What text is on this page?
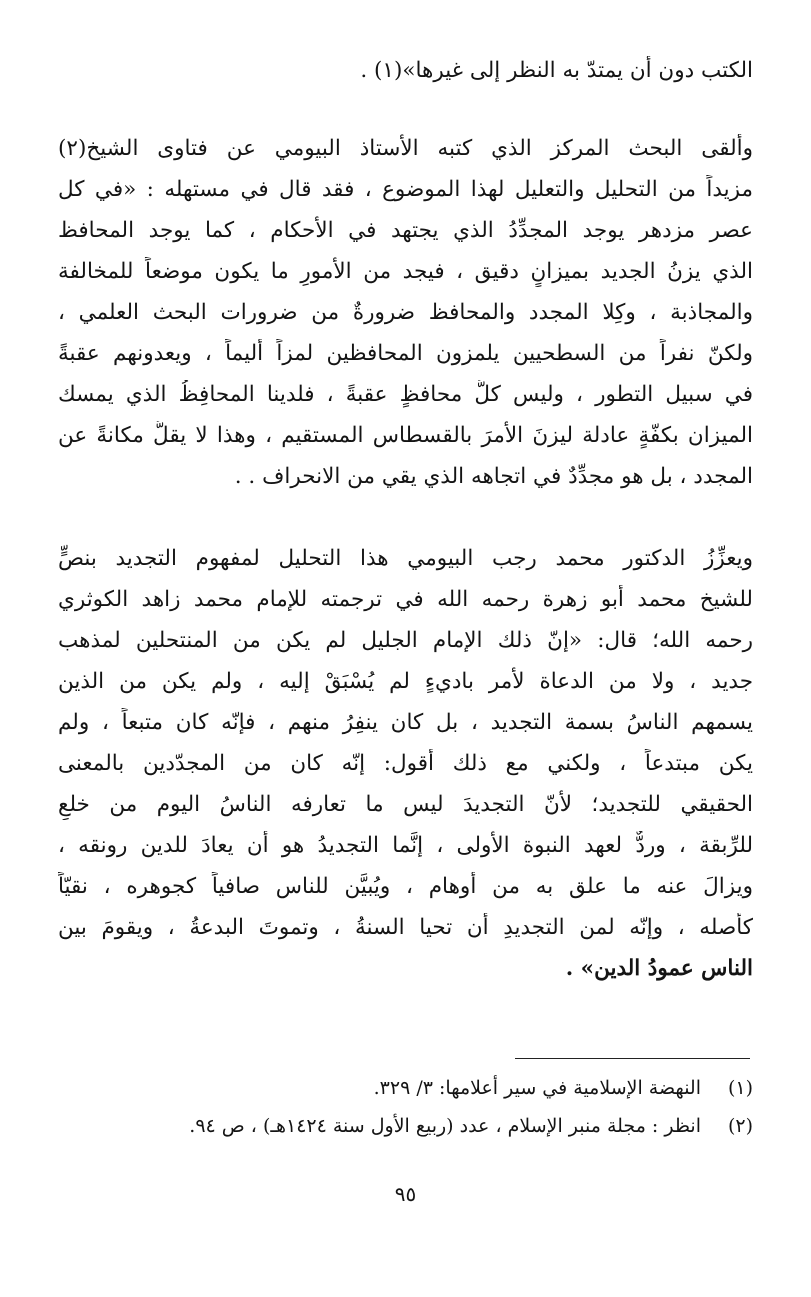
الكتب دون أن يمتدّ به النظر إلى غيرها»(١) .
وألقى البحث المركز الذي كتبه الأستاذ البيومي عن فتاوى الشيخ(٢)
مزيداً من التحليل والتعليل لهذا الموضوع ، فقد قال في مستهله : «في كل
عصر مزدهر يوجد المجدِّدُ الذي يجتهد في الأحكام ، كما يوجد المحافظ
الذي يزنُ الجديد بميزانٍ دقيق ، فيجد من الأمورِ ما يكون موضعاً للمخالفة
والمجاذبة ، وكِلا المجدد والمحافظ ضرورةٌ من ضرورات البحث العلمي ،
ولكنّ نفراً من السطحيين يلمزون المحافظين لمزاً أليماً ، ويعدونهم عقبةً
في سبيل التطور ، وليس كلُّ محافظٍ عقبةً ، فلدينا المحافِظُ الذي يمسك
الميزان بكفّةٍ عادلة ليزنَ الأمرَ بالقسطاس المستقيم ، وهذا لا يقلُّ مكانةً عن
المجدد ، بل هو مجدِّدٌ في اتجاهه الذي يقي من الانحراف . .
ويعزِّزُ الدكتور محمد رجب البيومي هذا التحليل لمفهوم التجديد بنصٍّ
للشيخ محمد أبو زهرة رحمه الله في ترجمته للإمام محمد زاهد الكوثري
رحمه الله؛ قال: «إنّ ذلك الإمام الجليل لم يكن من المنتحلين لمذهب
جديد ، ولا من الدعاة لأمر باديءٍ لم يُسْبَقْ إليه ، ولم يكن من الذين
يسمهم الناسُ بسمة التجديد ، بل كان ينفِرُ منهم ، فإنّه كان متبعاً ، ولم
يكن مبتدعاً ، ولكني مع ذلك أقول: إنّه كان من المجدّدين بالمعنى
الحقيقي للتجديد؛ لأنّ التجديدَ ليس ما تعارفه الناسُ اليوم من خلعِ
للرِّبقة ، وردٌّ لعهد النبوة الأولى ، إنَّما التجديدُ هو أن يعادَ للدين رونقه ،
ويزالَ عنه ما علق به من أوهام ، ويُبيَّن للناس صافياً كجوهره ، نقيّاً
كأصله ، وإنّه لمن التجديدِ أن تحيا السنةُ ، وتموتَ البدعةُ ، ويقومَ بين
الناس عمودُ الدين» .
(١)النهضة الإسلامية في سير أعلامها: ٣/ ٣٢٩.
(٢)انظر : مجلة منبر الإسلام ، عدد (ربيع الأول سنة ١٤٢٤هـ) ، ص ٩٤.
٩٥
